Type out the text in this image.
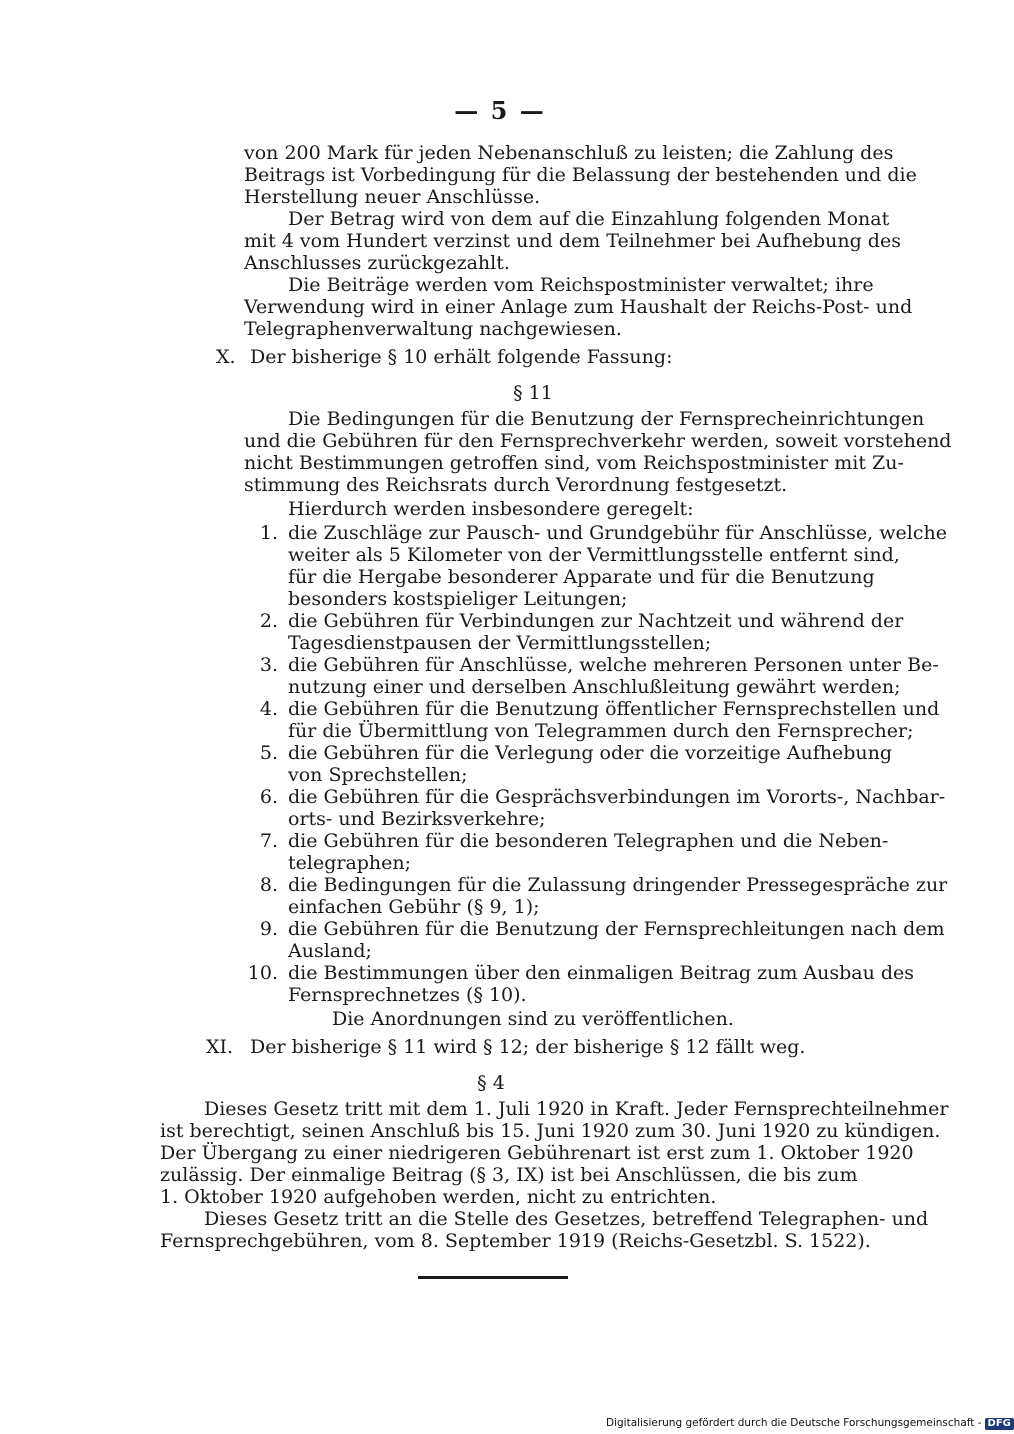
— 5 —
von 200 Mark für jeden Nebenanschluß zu leisten; die Zahlung des
Beitrags ist Vorbedingung für die Belassung der bestehenden und die
Herstellung neuer Anschlüsse.
Der Betrag wird von dem auf die Einzahlung folgenden Monat
mit 4 vom Hundert verzinst und dem Teilnehmer bei Aufhebung des
Anschlusses zurückgezahlt.
Die Beiträge werden vom Reichspostminister verwaltet; ihre
Verwendung wird in einer Anlage zum Haushalt der Reichs-Post- und
Telegraphenverwaltung nachgewiesen.
X. Der bisherige § 10 erhält folgende Fassung:
§ 11
Die Bedingungen für die Benutzung der Fernsprecheinrichtungen
und die Gebühren für den Fernsprechverkehr werden, soweit vorstehend
nicht Bestimmungen getroffen sind, vom Reichspostminister mit Zu-
stimmung des Reichsrats durch Verordnung festgesetzt.
Hierdurch werden insbesondere geregelt:
1. die Zuschläge zur Pausch- und Grundgebühr für Anschlüsse, welche
weiter als 5 Kilometer von der Vermittlungsstelle entfernt sind,
für die Hergabe besonderer Apparate und für die Benutzung
besonders kostspieliger Leitungen;
2. die Gebühren für Verbindungen zur Nachtzeit und während der
Tagesdienstpausen der Vermittlungsstellen;
3. die Gebühren für Anschlüsse, welche mehreren Personen unter Be-
nutzung einer und derselben Anschlußleitung gewährt werden;
4. die Gebühren für die Benutzung öffentlicher Fernsprechstellen und
für die Übermittlung von Telegrammen durch den Fernsprecher;
5. die Gebühren für die Verlegung oder die vorzeitige Aufhebung
von Sprechstellen;
6. die Gebühren für die Gesprächsverbindungen im Vororts-, Nachbar-
orts- und Bezirksverkehre;
7. die Gebühren für die besonderen Telegraphen und die Neben-
telegraphen;
8. die Bedingungen für die Zulassung dringender Pressegespräche zur
einfachen Gebühr (§ 9, 1);
9. die Gebühren für die Benutzung der Fernsprechleitungen nach dem
Ausland;
10. die Bestimmungen über den einmaligen Beitrag zum Ausbau des
Fernsprechnetzes (§ 10).
Die Anordnungen sind zu veröffentlichen.
XI. Der bisherige § 11 wird § 12; der bisherige § 12 fällt weg.
§ 4
Dieses Gesetz tritt mit dem 1. Juli 1920 in Kraft. Jeder Fernsprechteilnehmer
ist berechtigt, seinen Anschluß bis 15. Juni 1920 zum 30. Juni 1920 zu kündigen.
Der Übergang zu einer niedrigeren Gebührenart ist erst zum 1. Oktober 1920
zulässig. Der einmalige Beitrag (§ 3, IX) ist bei Anschlüssen, die bis zum
1. Oktober 1920 aufgehoben werden, nicht zu entrichten.
Dieses Gesetz tritt an die Stelle des Gesetzes, betreffend Telegraphen- und
Fernsprechgebühren, vom 8. September 1919 (Reichs-Gesetzbl. S. 1522).
Digitalisierung gefördert durch die Deutsche Forschungsgemeinschaft - DFG
